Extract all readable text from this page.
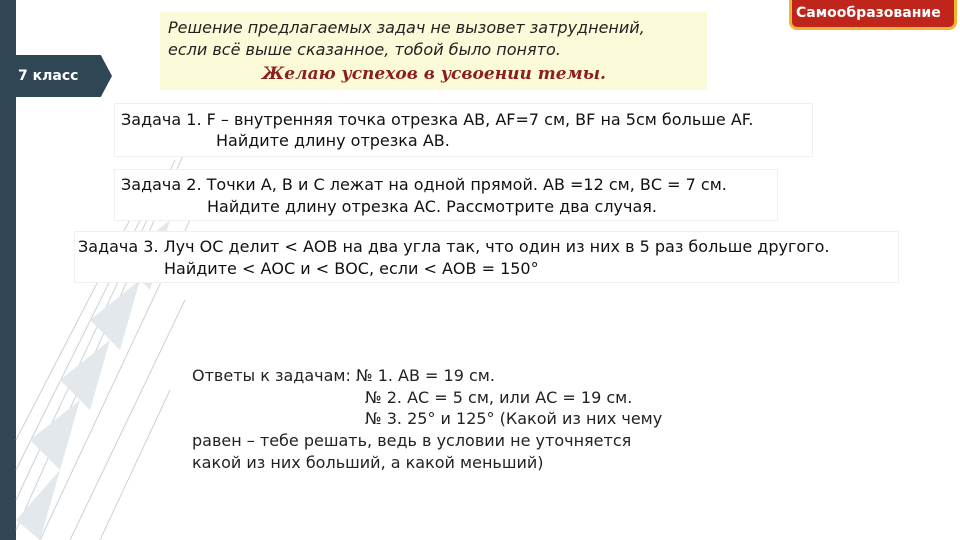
7 класс
Решение предлагаемых задач не вызовет затруднений,
если всё выше сказанное, тобой было понято.
Желаю успехов в усвоении темы.
Самообразование
Задача 1. F – внутренняя точка отрезка АВ, АF=7 см, ВF на 5см больше АF.
Найдите длину отрезка АВ.
Задача 2. Точки А, В и С лежат на одной прямой. АВ =12 см, ВС = 7 см.
Найдите длину отрезка АС. Рассмотрите два случая.
Задача 3. Луч ОС делит < АОВ на два угла так, что один из них в 5 раз больше другого.
Найдите < АОС и < ВОС, если < АОВ = 150°
Ответы к задачам: № 1. АВ = 19 см.
№ 2. АС = 5 см, или АС = 19 см.
№ 3. 25° и 125° (Какой из них чему
равен – тебе решать, ведь в условии не уточняется
какой из них больший, а какой меньший)
